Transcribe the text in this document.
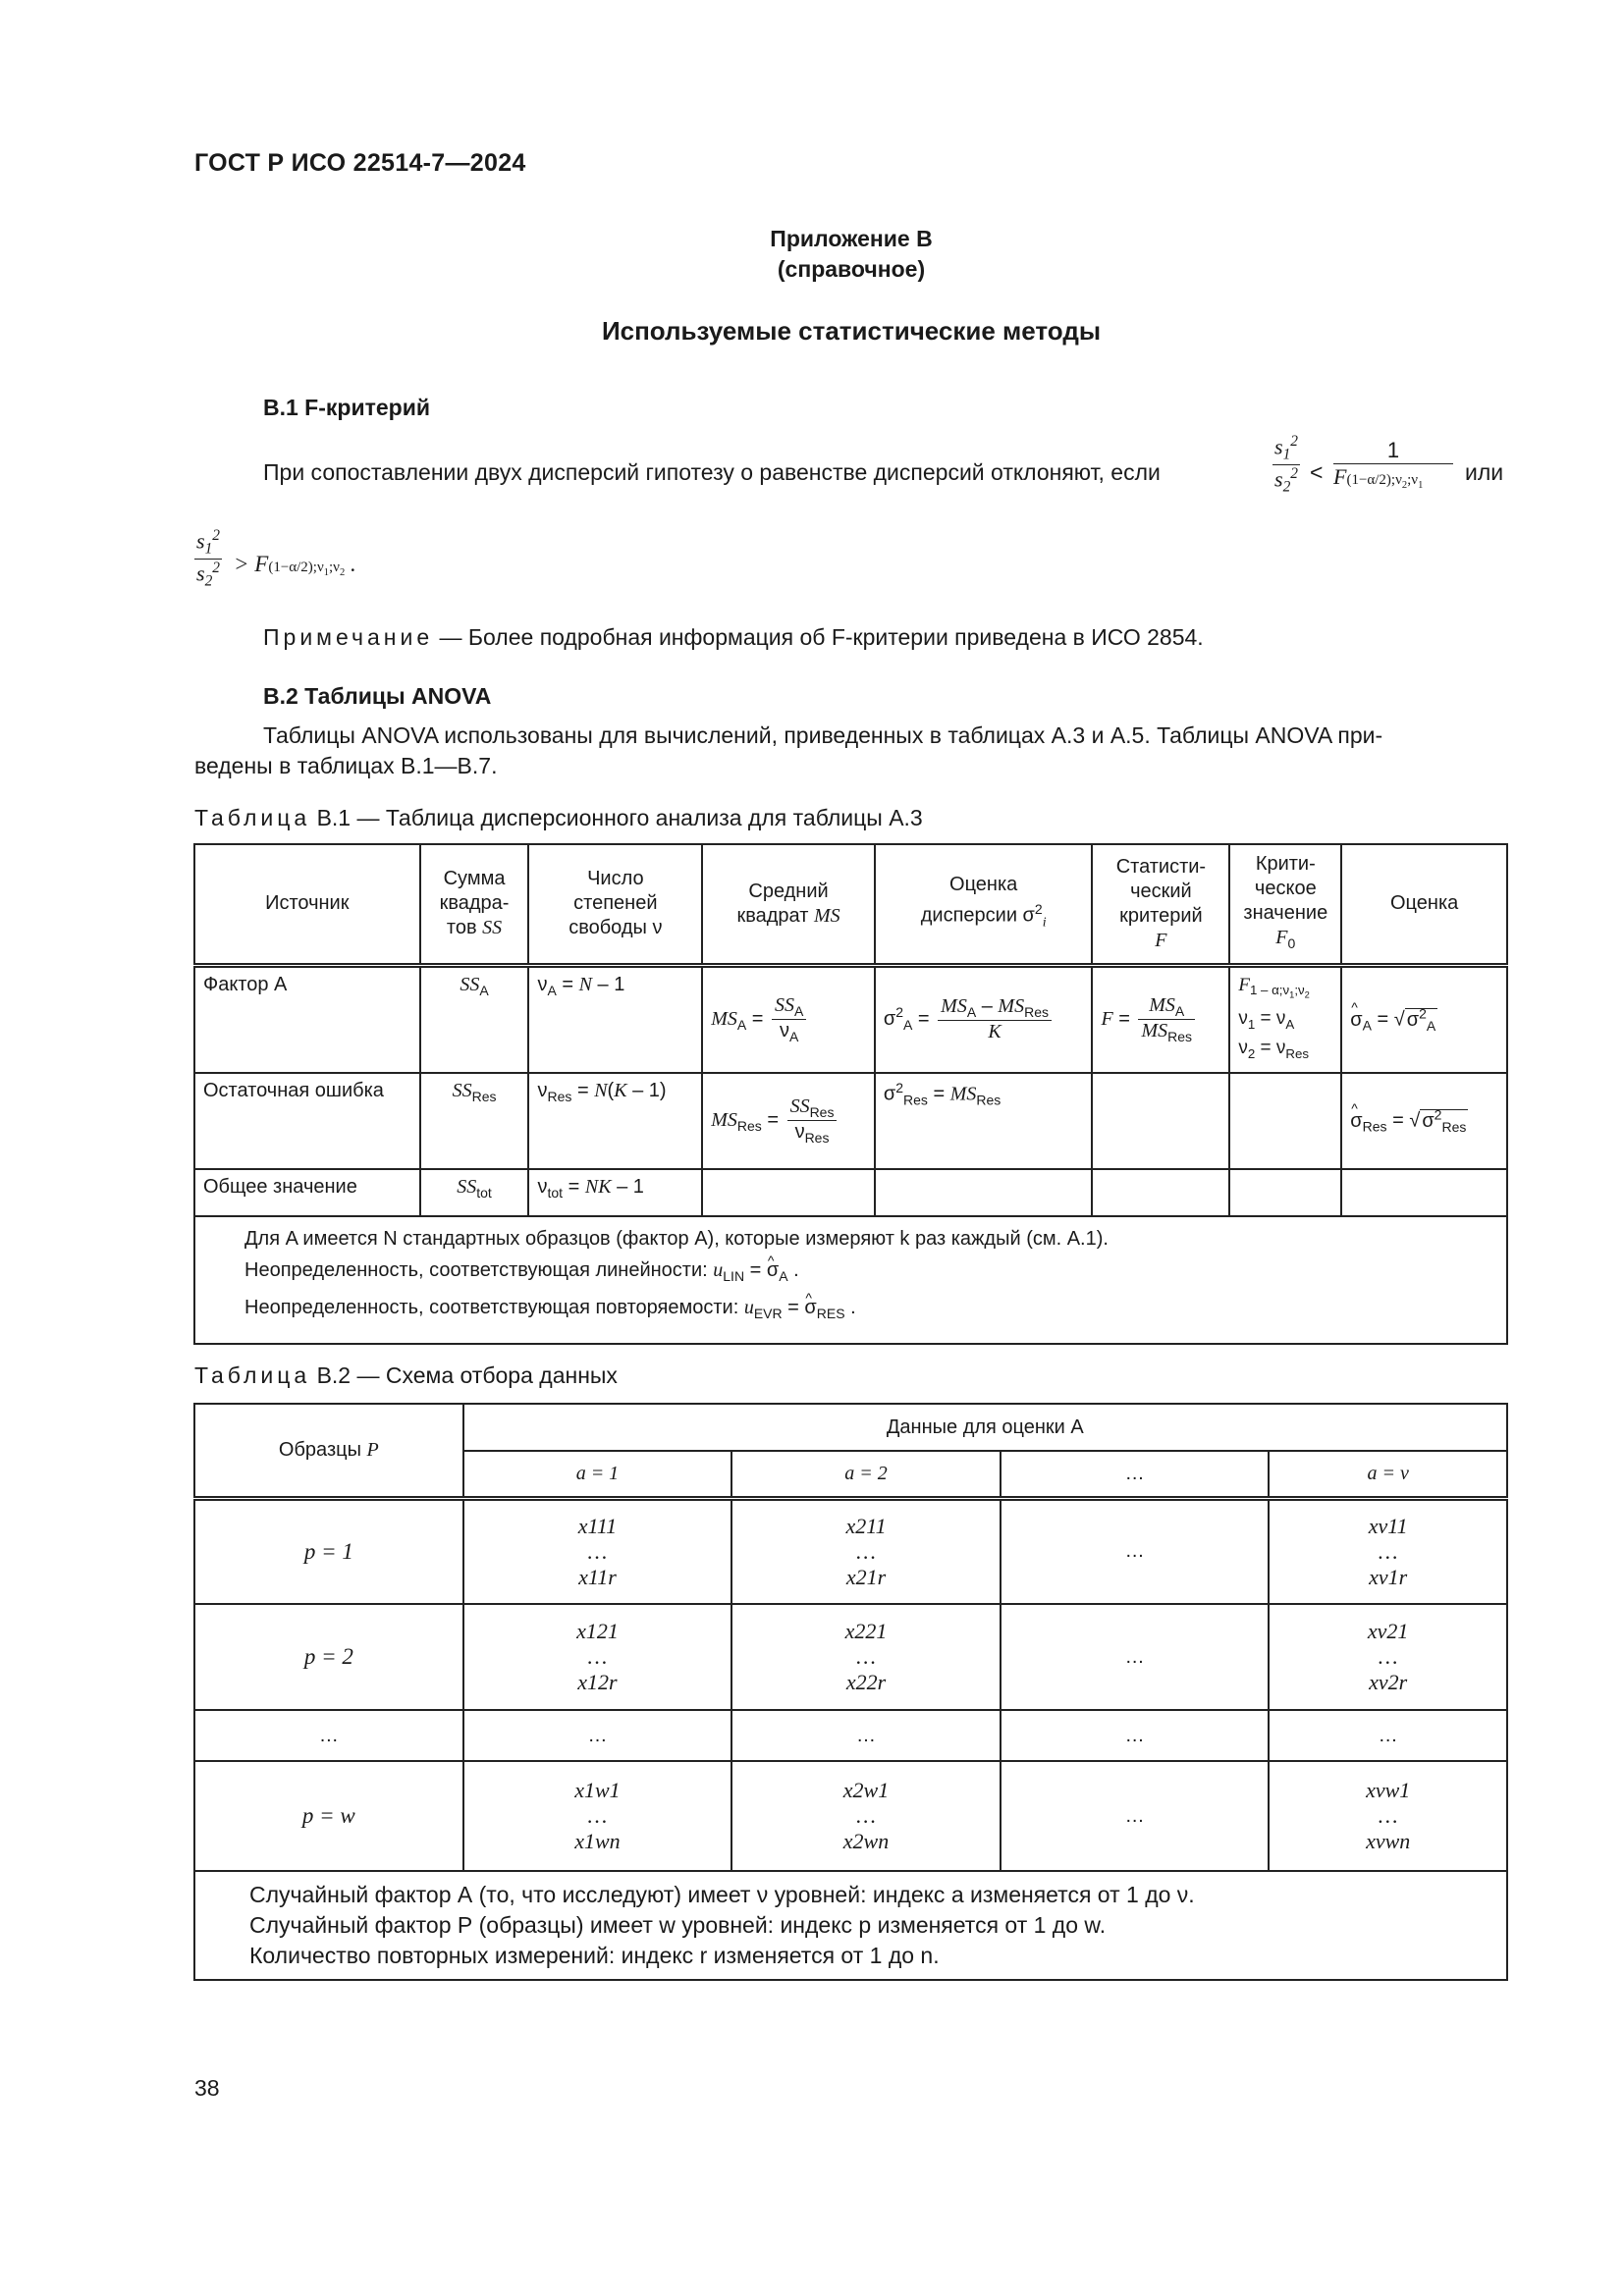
ГОСТ Р ИСО 22514-7—2024
Приложение В
(справочное)
Используемые статистические методы
В.1 F-критерий
При сопоставлении двух дисперсий гипотезу о равенстве дисперсий отклоняют, если
$s_1^2$
$s_2^2$ <
1
$F(1-\alpha/2);\nu_2;\nu_1$
или
$s_1^2$
$s_2^2$ > $F(1-\alpha/2);\nu_1;\nu_2$ .
Примечание — Более подробная информация об F-критерии приведена в ИСО 2854.
В.2 Таблицы ANOVA
Таблицы ANOVA использованы для вычислений, приведенных в таблицах А.3 и А.5. Таблицы ANOVA при-
ведены в таблицах В.1—В.7.
Таблица В.1 — Таблица дисперсионного анализа для таблицы А.3
Источник	Сумма
квадра-
тов SS	Число
степеней
свободы ν	Средний
квадрат MS	Оценка
дисперсии $\sigma^2_i$	Статисти-
ческий
критерий
F	Крити-
ческое
значение
$F_0$	Оценка
Фактор А	$SS_A$	$\nu_A = N - 1$	$MS_A = \frac{SS_A}{\nu_A}$	$\sigma^2_A = \frac{MS_A - MS_{Res}}{K}$	$F = \frac{MS_A}{MS_{Res}}$	$F_{1 - \alpha;\nu_1;\nu_2}$
$\nu_1 = \nu_A$
$\nu_2 = \nu_{Res}$	^ $\sigma_A$ = √ $\sigma^2_A$
Остаточная ошибка	$SS_{Res}$	$\nu_{Res} = N(K - 1)$	$MS_{Res} = \frac{SS_{Res}}{\nu_{Res}}$	$\sigma^2_{Res} = MS_{Res}$			^ $\sigma_{Res}$ = √ $\sigma^2_{Res}$
Общее значение	$SS_{tot}$	$\nu_{tot}$ = NK – 1					

Для A имеется N стандартных образцов (фактор А), которые измеряют k раз каждый (см. А.1).
Неопределенность, соответствующая линейности: $u_{LIN}$ = ^ $\sigma_A$ .
Неопределенность, соответствующая повторяемости: $u_{EVR}$ = ^ $\sigma_{RES}$ .
Таблица В.2 — Схема отбора данных
Образцы P	Данные для оценки А			
	a = 1	a = 2	…	a = ν
p = 1	x111
…
x11r	x211
…
x21r	…	xν11
…
xν1r

p = 2	x121
…
x12r	x221
…
x22r	…	xν21
…
xν2r

…	…	…	…	…
p = w	x1w1
…
x1wn	x2w1
…
x2wn	…	xνw1
…
xνwn

Случайный фактор А (то, что исследуют) имеет ν уровней: индекс a изменяется от 1 до ν.
Случайный фактор Р (образцы) имеет w уровней: индекс p изменяется от 1 до w.
Количество повторных измерений: индекс r изменяется от 1 до n.				
38
